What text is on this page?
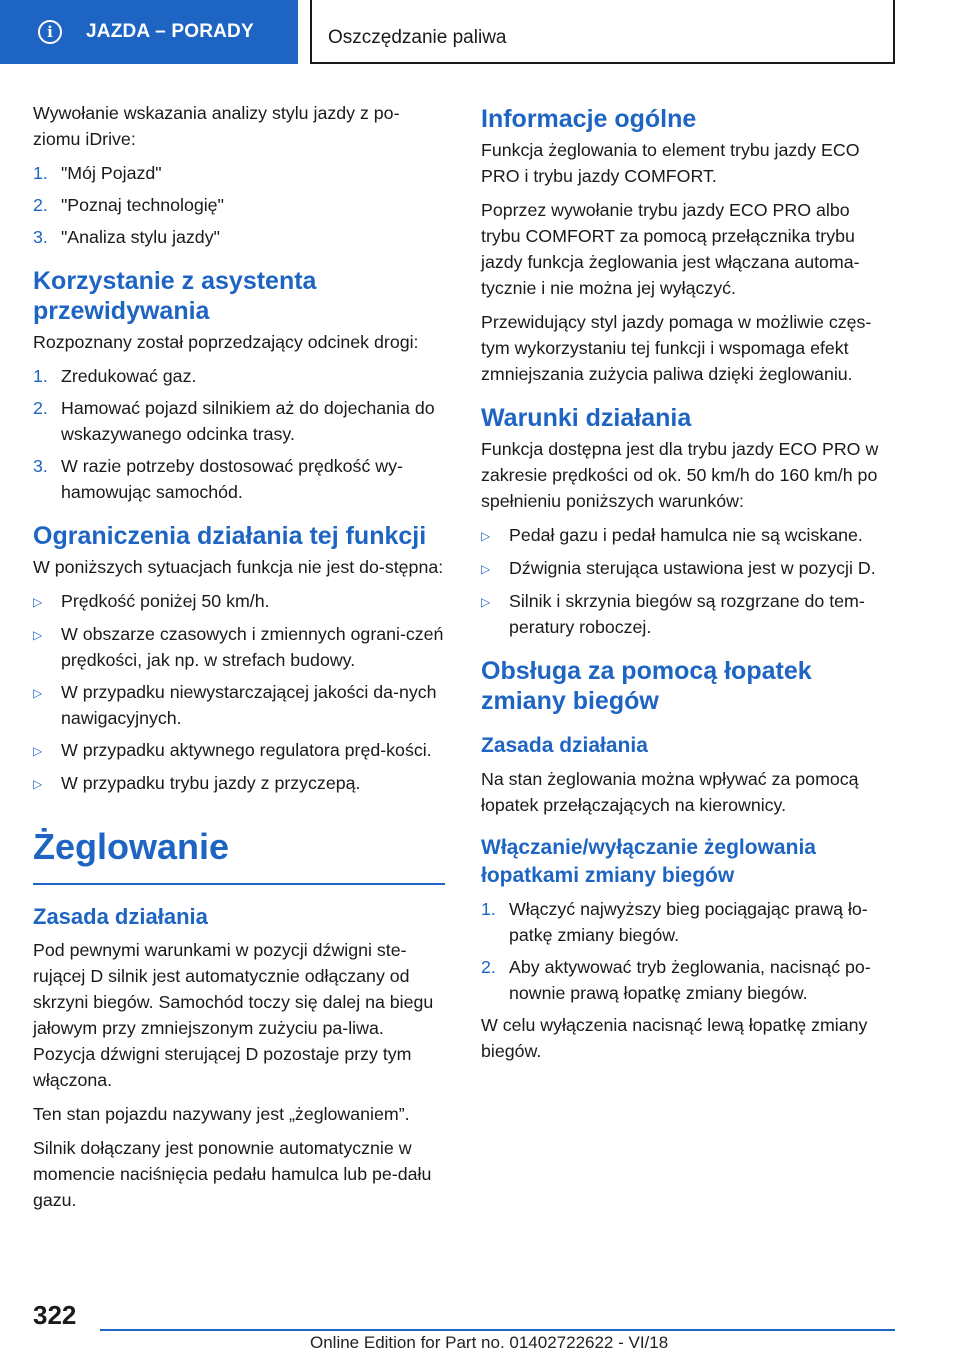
i	JAZDA – PORADY	Oszczędzanie paliwa

Wywołanie wskazania analizy stylu jazdy z po-ziomu iDrive:

1. "Mój Pojazd"
2. "Poznaj technologię"
3. "Analiza stylu jazdy"
Korzystanie z asystenta przewidywania

Rozpoznany został poprzedzający odcinek drogi:

1. Zredukować gaz.
2. Hamować pojazd silnikiem aż do dojechania do wskazywanego odcinka trasy.
3. W razie potrzeby dostosować prędkość wy-hamowując samochód.
Ograniczenia działania tej funkcji

W poniższych sytuacjach funkcja nie jest do-stępna:

▷	Prędkość poniżej 50 km/h.
▷	W obszarze czasowych i zmiennych ograni-czeń prędkości, jak np. w strefach budowy.
▷	W przypadku niewystarczającej jakości da-nych nawigacyjnych.
▷	W przypadku aktywnego regulatora pręd-kości.
▷	W przypadku trybu jazdy z przyczepą.
Żeglowanie
Zasada działania

Pod pewnymi warunkami w pozycji dźwigni ste-rującej D silnik jest automatycznie odłączany od skrzyni biegów. Samochód toczy się dalej na biegu jałowym przy zmniejszonym zużyciu pa-liwa. Pozycja dźwigni sterującej D pozostaje przy tym włączona.

Ten stan pojazdu nazywany jest „żeglowaniem”.

Silnik dołączany jest ponownie automatycznie w momencie naciśnięcia pedału hamulca lub pe-dału gazu.

Informacje ogólne

Funkcja żeglowania to element trybu jazdy ECO PRO i trybu jazdy COMFORT.

Poprzez wywołanie trybu jazdy ECO PRO albo trybu COMFORT za pomocą przełącznika trybu jazdy funkcja żeglowania jest włączana automa-tycznie i nie można jej wyłączyć.

Przewidujący styl jazdy pomaga w możliwie częs-tym wykorzystaniu tej funkcji i wspomaga efekt zmniejszania zużycia paliwa dzięki żeglowaniu.

Warunki działania

Funkcja dostępna jest dla trybu jazdy ECO PRO w zakresie prędkości od ok. 50 km/h do 160 km/h po spełnieniu poniższych warunków:

▷	Pedał gazu i pedał hamulca nie są wciskane.
▷	Dźwignia sterująca ustawiona jest w pozycji D.
▷	Silnik i skrzynia biegów są rozgrzane do tem-peratury roboczej.
Obsługa za pomocą łopatek zmiany biegów
Zasada działania

Na stan żeglowania można wpływać za pomocą łopatek przełączających na kierownicy.

Włączanie/wyłączanie żeglowania łopatkami zmiany biegów
1. Włączyć najwyższy bieg pociągając prawą ło-patkę zmiany biegów.
2. Aby aktywować tryb żeglowania, nacisnąć po-nownie prawą łopatkę zmiany biegów.

W celu wyłączenia nacisnąć lewą łopatkę zmiany biegów.

322
Online Edition for Part no. 01402722622 - VI/18
